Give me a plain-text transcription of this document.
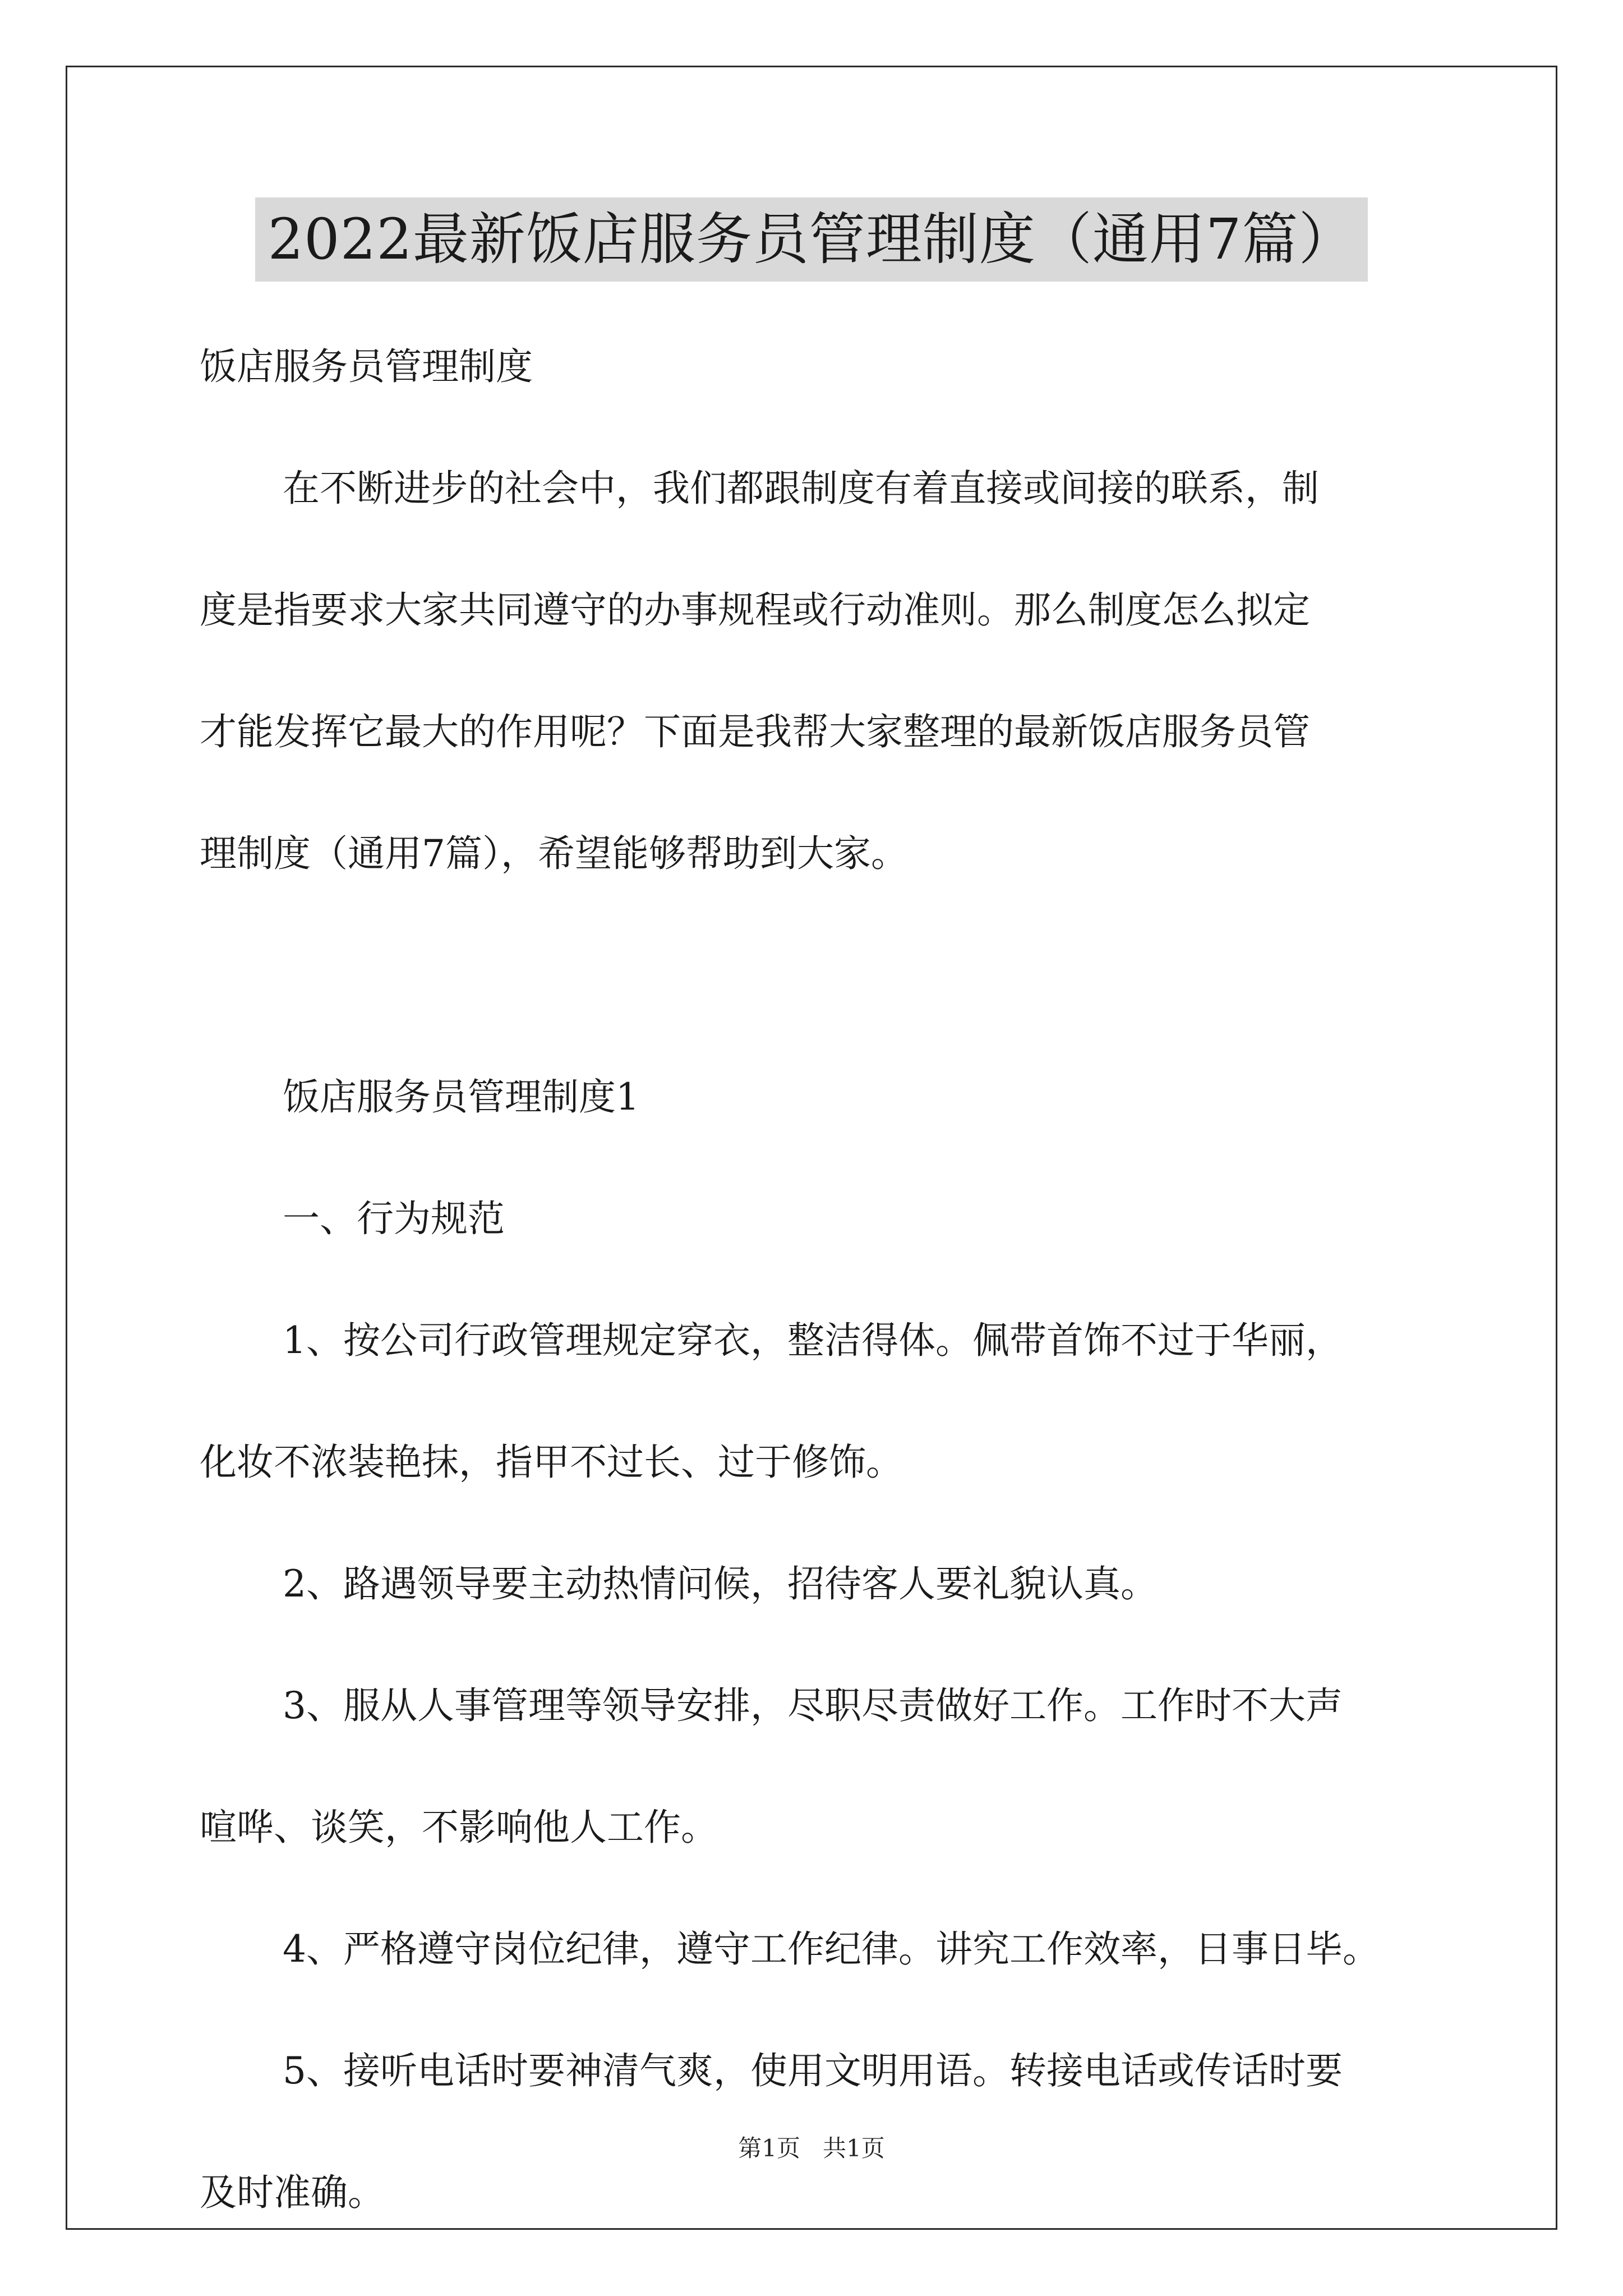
2022最新饭店服务员管理制度（通用7篇）

饭店服务员管理制度

在不断进步的社会中，我们都跟制度有着直接或间接的联系，制

度是指要求大家共同遵守的办事规程或行动准则。那么制度怎么拟定

才能发挥它最大的作用呢？下面是我帮大家整理的最新饭店服务员管

理制度（通用7篇），希望能够帮助到大家。

饭店服务员管理制度1

一、行为规范

1、按公司行政管理规定穿衣，整洁得体。佩带首饰不过于华丽，

化妆不浓装艳抹，指甲不过长、过于修饰。

2、路遇领导要主动热情问候，招待客人要礼貌认真。

3、服从人事管理等领导安排，尽职尽责做好工作。工作时不大声

喧哗、谈笑，不影响他人工作。

4、严格遵守岗位纪律，遵守工作纪律。讲究工作效率，日事日毕。

5、接听电话时要神清气爽，使用文明用语。转接电话或传话时要

及时准确。

第1页 共1页
